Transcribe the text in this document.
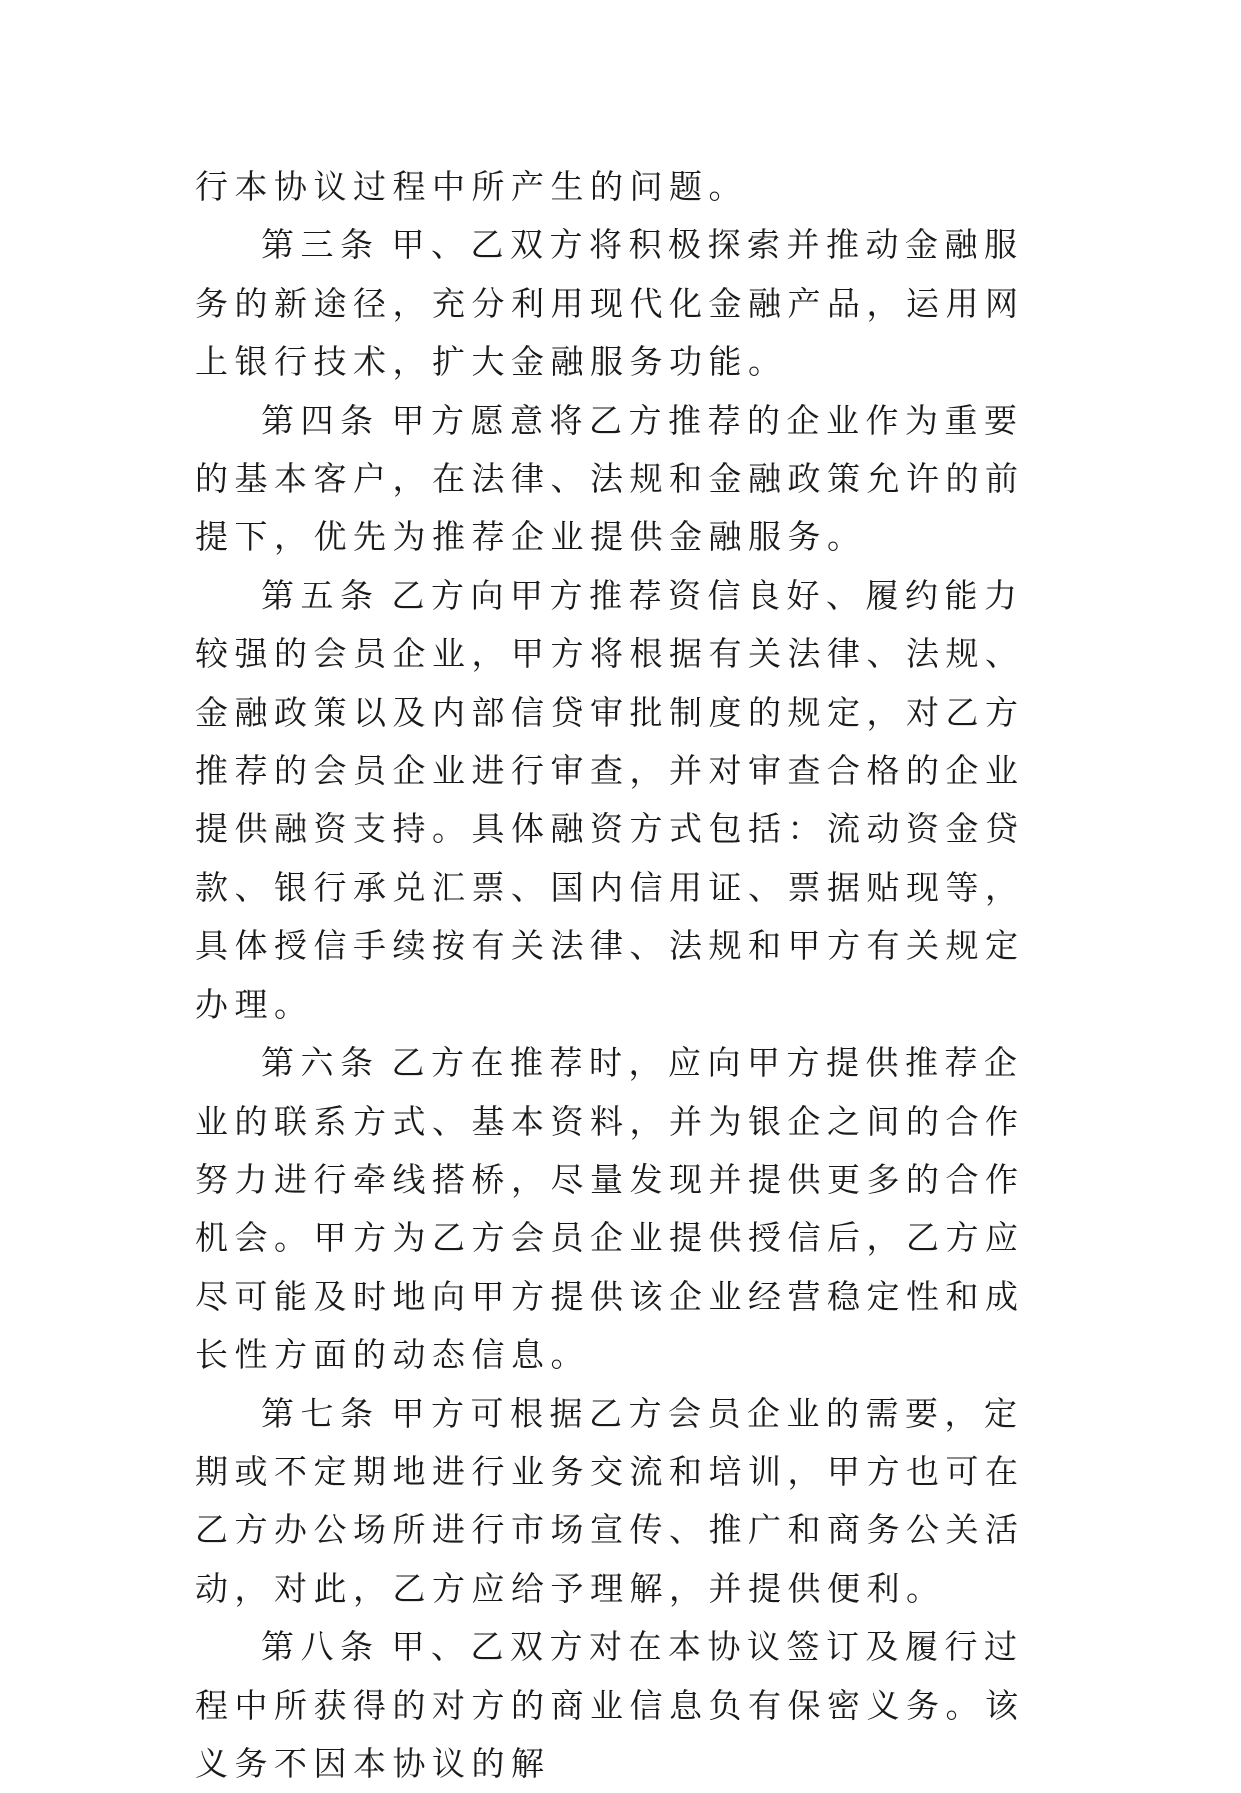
行本协议过程中所产生的问题。

第三条 甲、乙双方将积极探索并推动金融服务的新途径，充分利用现代化金融产品，运用网上银行技术，扩大金融服务功能。

第四条 甲方愿意将乙方推荐的企业作为重要的基本客户，在法律、法规和金融政策允许的前提下，优先为推荐企业提供金融服务。

第五条 乙方向甲方推荐资信良好、履约能力较强的会员企业，甲方将根据有关法律、法规、金融政策以及内部信贷审批制度的规定，对乙方推荐的会员企业进行审查，并对审查合格的企业提供融资支持。具体融资方式包括：流动资金贷款、银行承兑汇票、国内信用证、票据贴现等，具体授信手续按有关法律、法规和甲方有关规定办理。

第六条 乙方在推荐时，应向甲方提供推荐企业的联系方式、基本资料，并为银企之间的合作努力进行牵线搭桥，尽量发现并提供更多的合作机会。甲方为乙方会员企业提供授信后，乙方应尽可能及时地向甲方提供该企业经营稳定性和成长性方面的动态信息。

第七条 甲方可根据乙方会员企业的需要，定期或不定期地进行业务交流和培训，甲方也可在乙方办公场所进行市场宣传、推广和商务公关活动，对此，乙方应给予理解，并提供便利。

第八条 甲、乙双方对在本协议签订及履行过程中所获得的对方的商业信息负有保密义务。该义务不因本协议的解
